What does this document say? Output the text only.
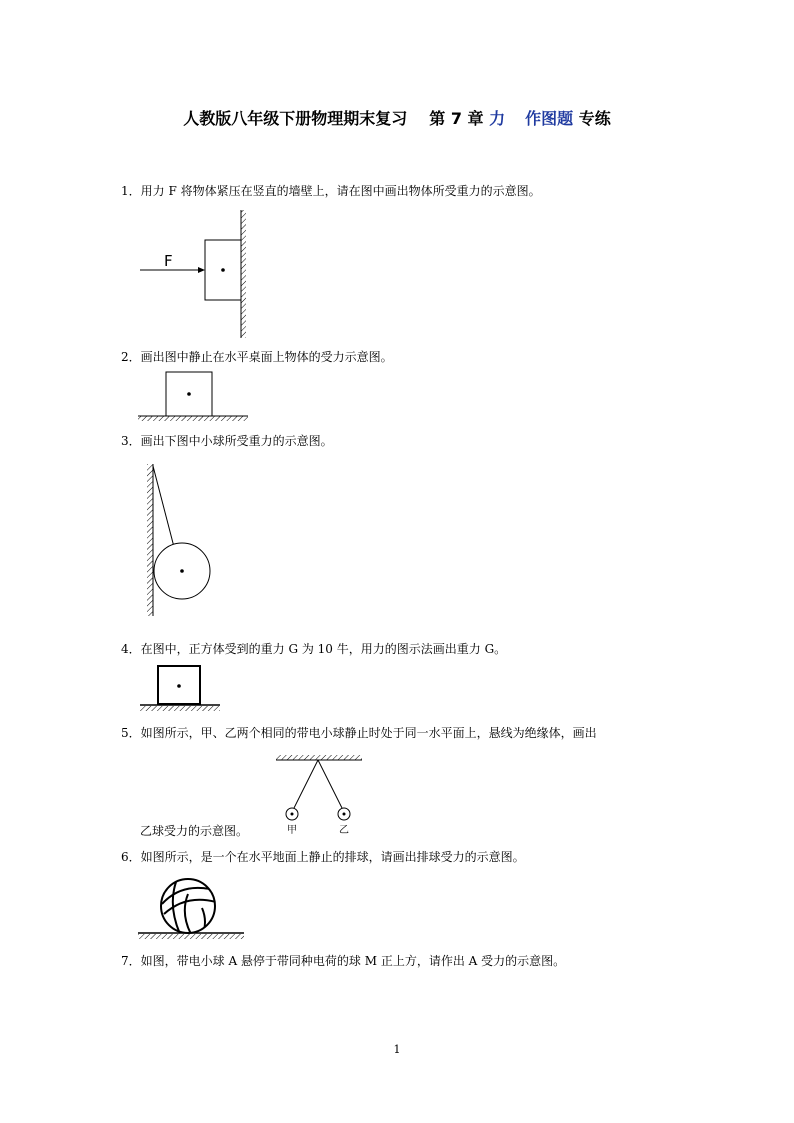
人教版八年级下册物理期末复习 第 7 章 力 作图题 专练
1．用力 F 将物体紧压在竖直的墙壁上，请在图中画出物体所受重力的示意图。
F
2．画出图中静止在水平桌面上物体的受力示意图。
3．画出下图中小球所受重力的示意图。
4．在图中，正方体受到的重力 G 为 10 牛，用力的图示法画出重力 G。
5．如图所示，甲、乙两个相同的带电小球静止时处于同一水平面上，悬线为绝缘体，画出
甲	乙
乙球受力的示意图。
6．如图所示，是一个在水平地面上静止的排球，请画出排球受力的示意图。
7．如图，带电小球 A 悬停于带同种电荷的球 M 正上方，请作出 A 受力的示意图。
1
